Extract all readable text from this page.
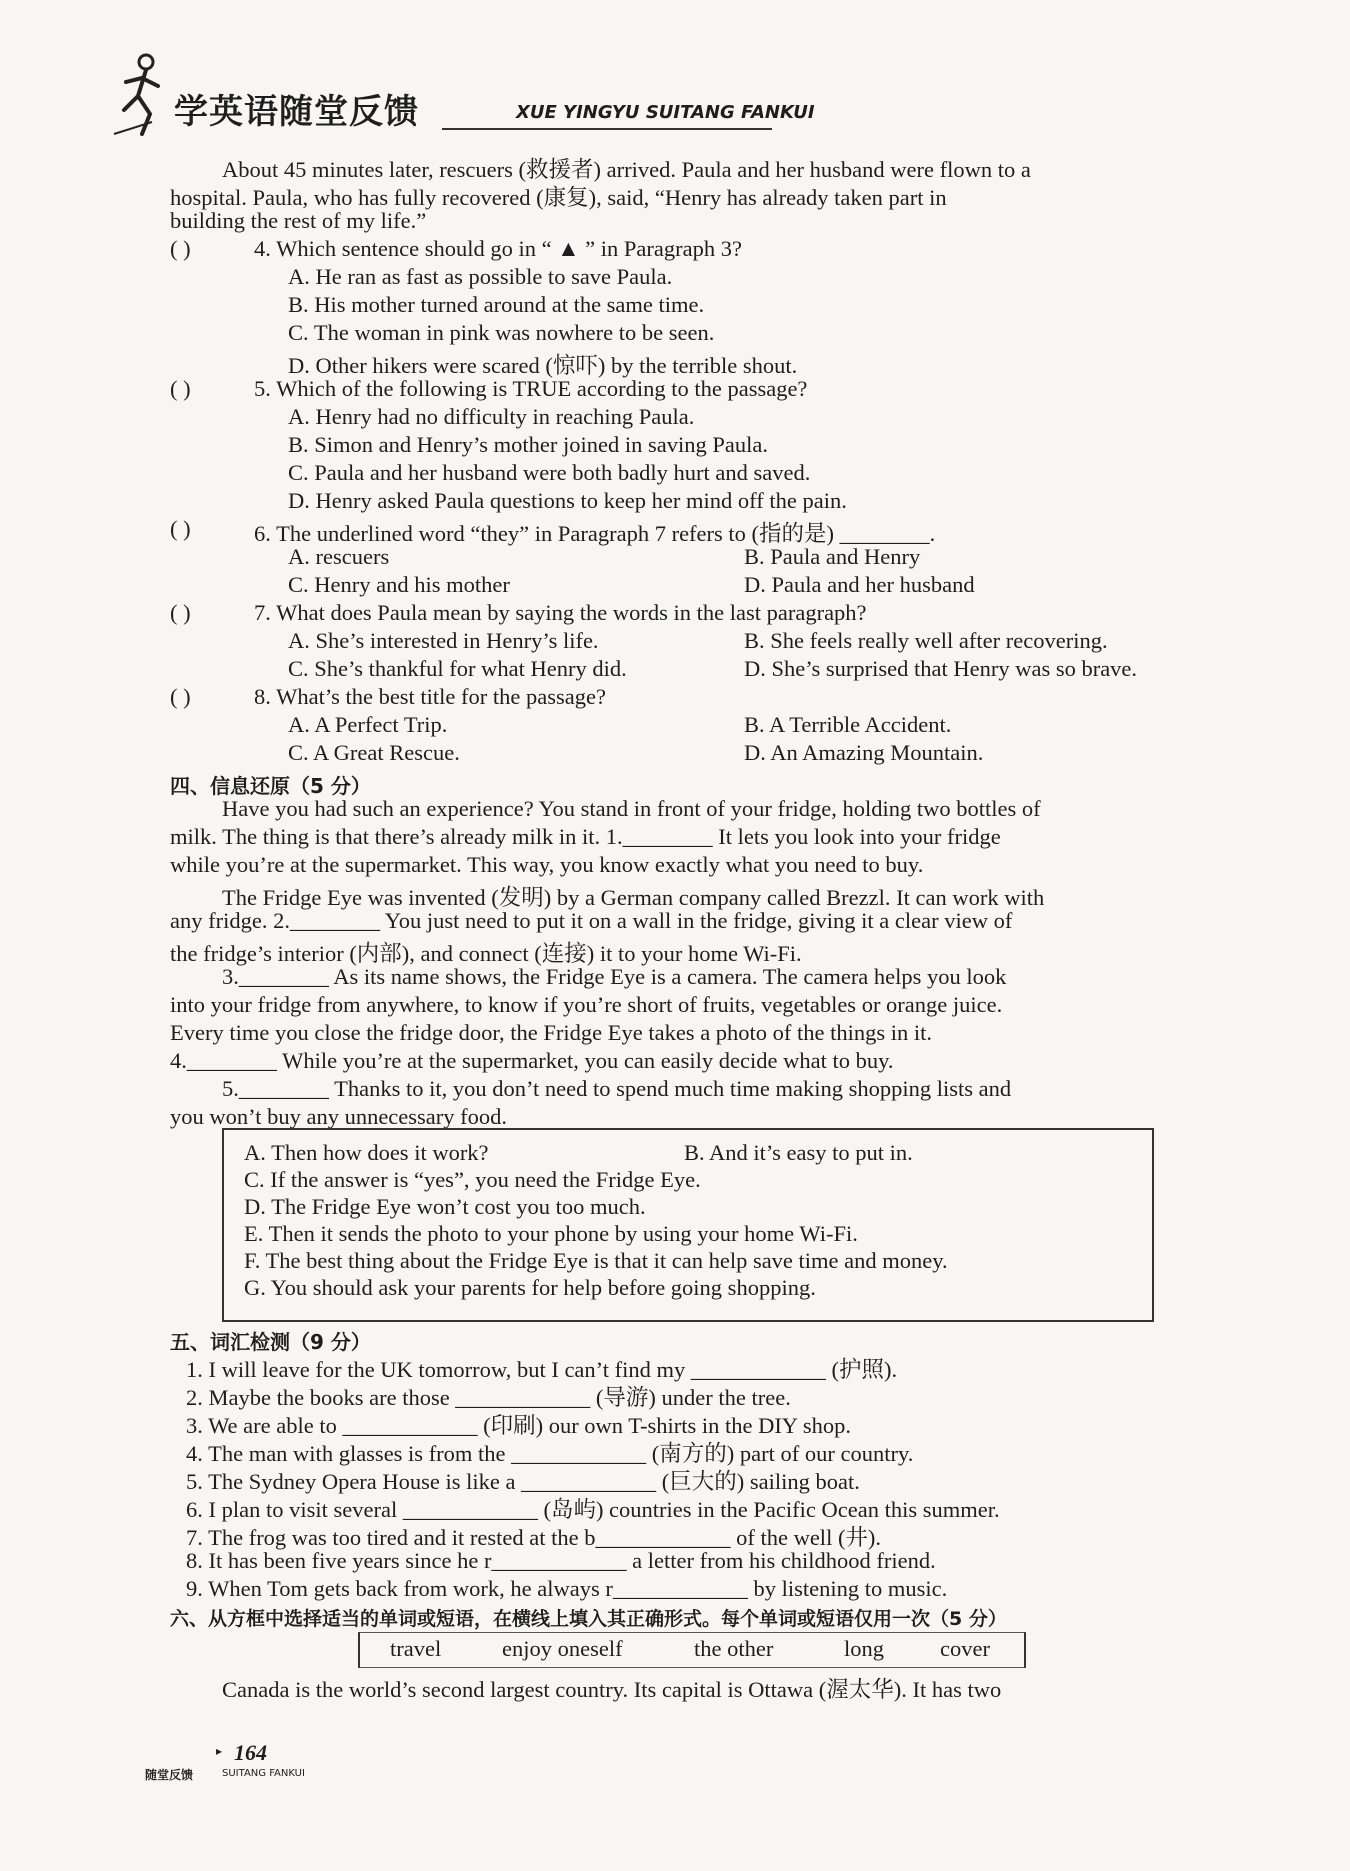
学英语随堂反馈	XUE YINGYU SUITANG FANKUI
About 45 minutes later, rescuers (救援者) arrived. Paula and her husband were flown to a
hospital. Paula, who has fully recovered (康复), said, “Henry has already taken part in
building the rest of my life.”
( )	4. Which sentence should go in “ ▲ ” in Paragraph 3?
A. He ran as fast as possible to save Paula.
B. His mother turned around at the same time.
C. The woman in pink was nowhere to be seen.
D. Other hikers were scared (惊吓) by the terrible shout.
( )	5. Which of the following is TRUE according to the passage?
A. Henry had no difficulty in reaching Paula.
B. Simon and Henry’s mother joined in saving Paula.
C. Paula and her husband were both badly hurt and saved.
D. Henry asked Paula questions to keep her mind off the pain.
( )	6. The underlined word “they” in Paragraph 7 refers to (指的是) ________.
A. rescuers	B. Paula and Henry
C. Henry and his mother	D. Paula and her husband
( )	7. What does Paula mean by saying the words in the last paragraph?
A. She’s interested in Henry’s life.	B. She feels really well after recovering.
C. She’s thankful for what Henry did.	D. She’s surprised that Henry was so brave.
( )	8. What’s the best title for the passage?
A. A Perfect Trip.	B. A Terrible Accident.
C. A Great Rescue.	D. An Amazing Mountain.
四、信息还原（5 分）
Have you had such an experience? You stand in front of your fridge, holding two bottles of
milk. The thing is that there’s already milk in it. 1.________ It lets you look into your fridge
while you’re at the supermarket. This way, you know exactly what you need to buy.
The Fridge Eye was invented (发明) by a German company called Brezzl. It can work with
any fridge. 2.________ You just need to put it on a wall in the fridge, giving it a clear view of
the fridge’s interior (内部), and connect (连接) it to your home Wi-Fi.
3.________ As its name shows, the Fridge Eye is a camera. The camera helps you look
into your fridge from anywhere, to know if you’re short of fruits, vegetables or orange juice.
Every time you close the fridge door, the Fridge Eye takes a photo of the things in it.
4.________ While you’re at the supermarket, you can easily decide what to buy.
5.________ Thanks to it, you don’t need to spend much time making shopping lists and
you won’t buy any unnecessary food.
A. Then how does it work?	B. And it’s easy to put in.
C. If the answer is “yes”, you need the Fridge Eye.
D. The Fridge Eye won’t cost you too much.
E. Then it sends the photo to your phone by using your home Wi-Fi.
F. The best thing about the Fridge Eye is that it can help save time and money.
G. You should ask your parents for help before going shopping.
五、词汇检测（9 分）
1. I will leave for the UK tomorrow, but I can’t find my ____________ (护照).
2. Maybe the books are those ____________ (导游) under the tree.
3. We are able to ____________ (印刷) our own T-shirts in the DIY shop.
4. The man with glasses is from the ____________ (南方的) part of our country.
5. The Sydney Opera House is like a ____________ (巨大的) sailing boat.
6. I plan to visit several ____________ (岛屿) countries in the Pacific Ocean this summer.
7. The frog was too tired and it rested at the b____________ of the well (井).
8. It has been five years since he r____________ a letter from his childhood friend.
9. When Tom gets back from work, he always r____________ by listening to music.
六、从方框中选择适当的单词或短语，在横线上填入其正确形式。每个单词或短语仅用一次（5 分）
travel	enjoy oneself	the other	long cover
Canada is the world’s second largest country. Its capital is Ottawa (渥太华). It has two
▸ 164
随堂反馈	SUITANG FANKUI
